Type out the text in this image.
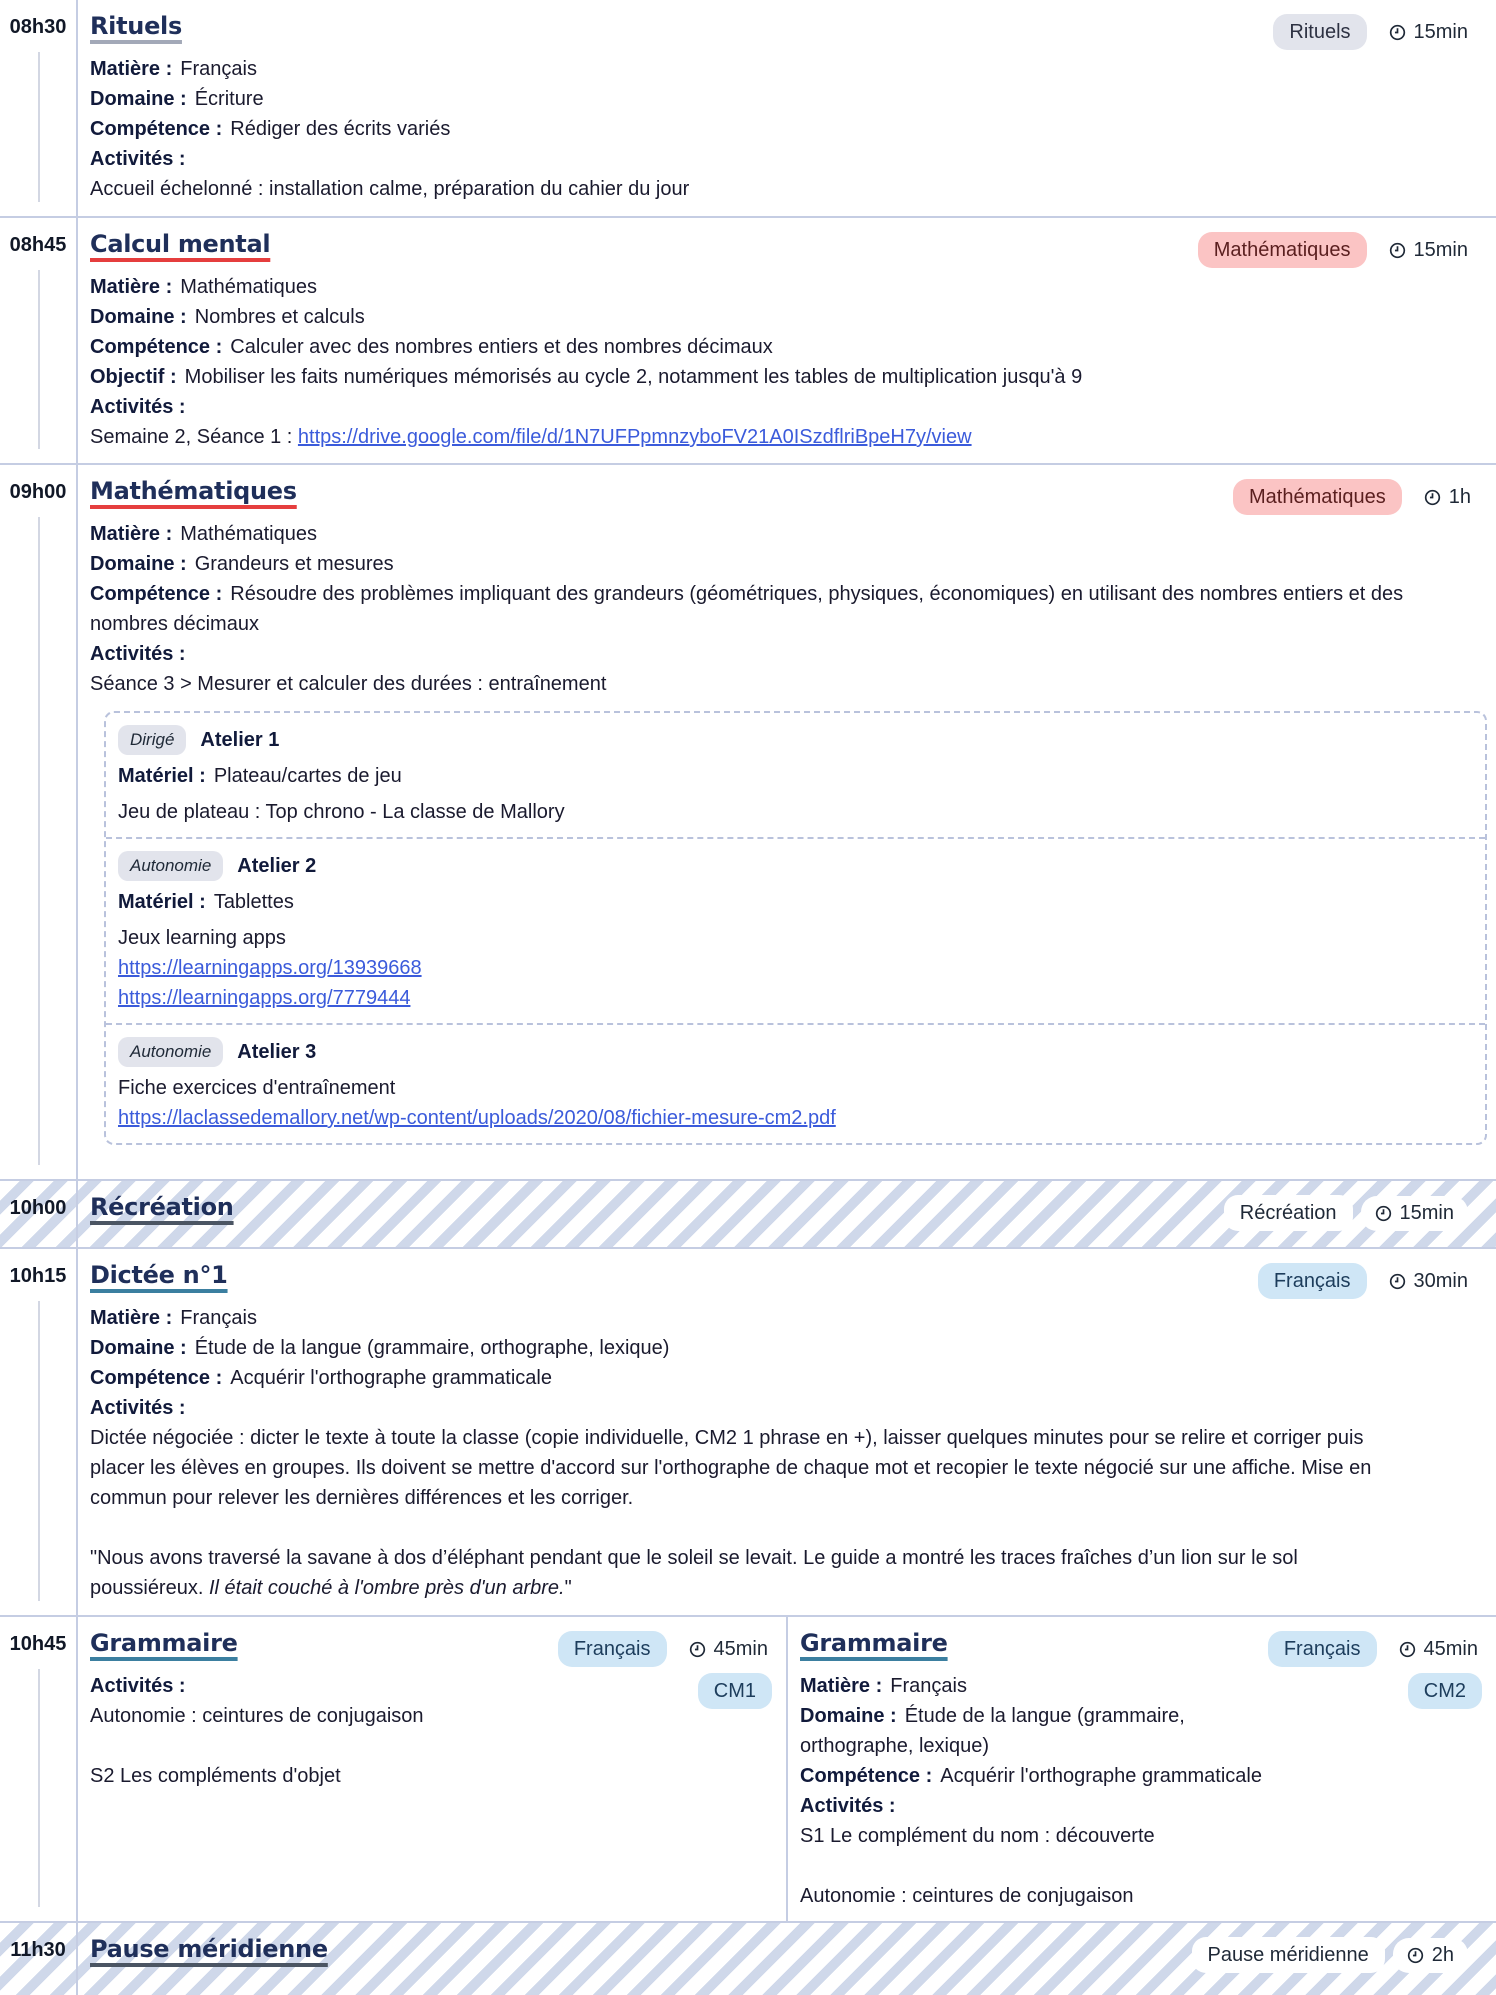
08h30 Rituels	Rituels	15min
Matière : Français
Domaine : Écriture
Compétence : Rédiger des écrits variés
Activités :
Accueil échelonné : installation calme, préparation du cahier du jour
08h45 Calcul mental	Mathématiques	15min
Matière : Mathématiques
Domaine : Nombres et calculs
Compétence : Calculer avec des nombres entiers et des nombres décimaux
Objectif : Mobiliser les faits numériques mémorisés au cycle 2, notamment les tables de multiplication jusqu'à 9
Activités :
Semaine 2, Séance 1 : https://drive.google.com/file/d/1N7UFPpmnzyboFV21A0ISzdflriBpeH7y/view
09h00 Mathématiques	Mathématiques	1h
Matière : Mathématiques
Domaine : Grandeurs et mesures
Compétence : Résoudre des problèmes impliquant des grandeurs (géométriques, physiques, économiques) en utilisant des nombres entiers et des
nombres décimaux
Activités :
Séance 3 > Mesurer et calculer des durées : entraînement
Dirigé	Atelier 1
Matériel : Plateau/cartes de jeu
Jeu de plateau : Top chrono - La classe de Mallory
Autonomie	Atelier 2
Matériel : Tablettes
Jeux learning apps
https://learningapps.org/13939668
https://learningapps.org/7779444
Autonomie	Atelier 3
Fiche exercices d'entraînement
https://laclassedemallory.net/wp-content/uploads/2020/08/fichier-mesure-cm2.pdf
10h00 Récréation	Récréation	15min
10h15 Dictée n°1	Français	30min
Matière : Français
Domaine : Étude de la langue (grammaire, orthographe, lexique)
Compétence : Acquérir l'orthographe grammaticale
Activités :
Dictée négociée : dicter le texte à toute la classe (copie individuelle, CM2 1 phrase en +), laisser quelques minutes pour se relire et corriger puis
placer les élèves en groupes. Ils doivent se mettre d'accord sur l'orthographe de chaque mot et recopier le texte négocié sur une affiche. Mise en
commun pour relever les dernières différences et les corriger.
"Nous avons traversé la savane à dos d’éléphant pendant que le soleil se levait. Le guide a montré les traces fraîches d’un lion sur le sol
poussiéreux. Il était couché à l'ombre près d'un arbre."
10h45 Grammaire	Français	45min
CM1
Activités :
Autonomie : ceintures de conjugaison
S2 Les compléments d'objet
Grammaire	Français	45min
CM2
Matière : Français
Domaine : Étude de la langue (grammaire,
orthographe, lexique)
Compétence : Acquérir l'orthographe grammaticale
Activités :
S1 Le complément du nom : découverte
Autonomie : ceintures de conjugaison
11h30	Pause méridienne	Pause méridienne	2h
